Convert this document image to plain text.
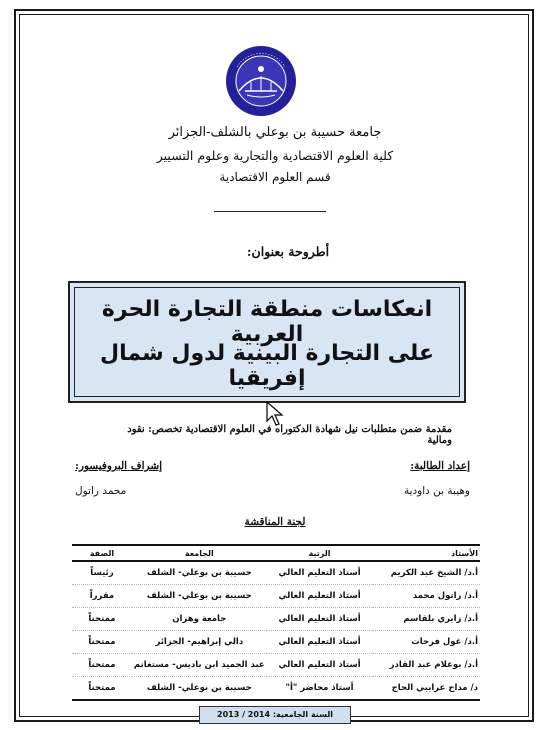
جامعة حسيبة بن بوعلي بالشلف-الجزائر
كلية العلوم الاقتصادية والتجارية وعلوم التسيير
قسم العلوم الاقتصادية
أطروحة بعنوان:
انعكاسات منطقة التجارة الحرة العربية
على التجارة البينية لدول شمال إفريقيا
مقدمة ضمن متطلبات نيل شهادة الدكتوراه في العلوم الاقتصادية تخصص: نقود ومالية
إعداد الطالبة:
إشراف البروفيسور:
وهيبة بن داودية
محمد راتول
لجنة المناقشة
الأستاذ	الرتبة	الجامعة	الصفة
أ.د/ الشيخ عبد الكريم	أستاذ التعليم العالي	حسيبة بن بوعلي- الشلف	رئيساً
أ.د/ راتول محمد	أستاذ التعليم العالي	حسيبة بن بوعلي- الشلف	مقرراً
أ.د/ زايري بلقاسم	أستاذ التعليم العالي	جامعة وهران	ممتحناً
أ.د/ غول فرحات	أستاذ التعليم العالي	دالي إبراهيم- الجزائر	ممتحناً
أ.د/ بوعلام عبد القادر	أستاذ التعليم العالي	عبد الحميد ابن باديس- مستغانم	ممتحناً
د/ مداح عرايبي الحاج	أستاذ محاضر "أ"	حسيبة بن بوعلي- الشلف	ممتحناً
السنة الجامعية: 2013 / 2014
